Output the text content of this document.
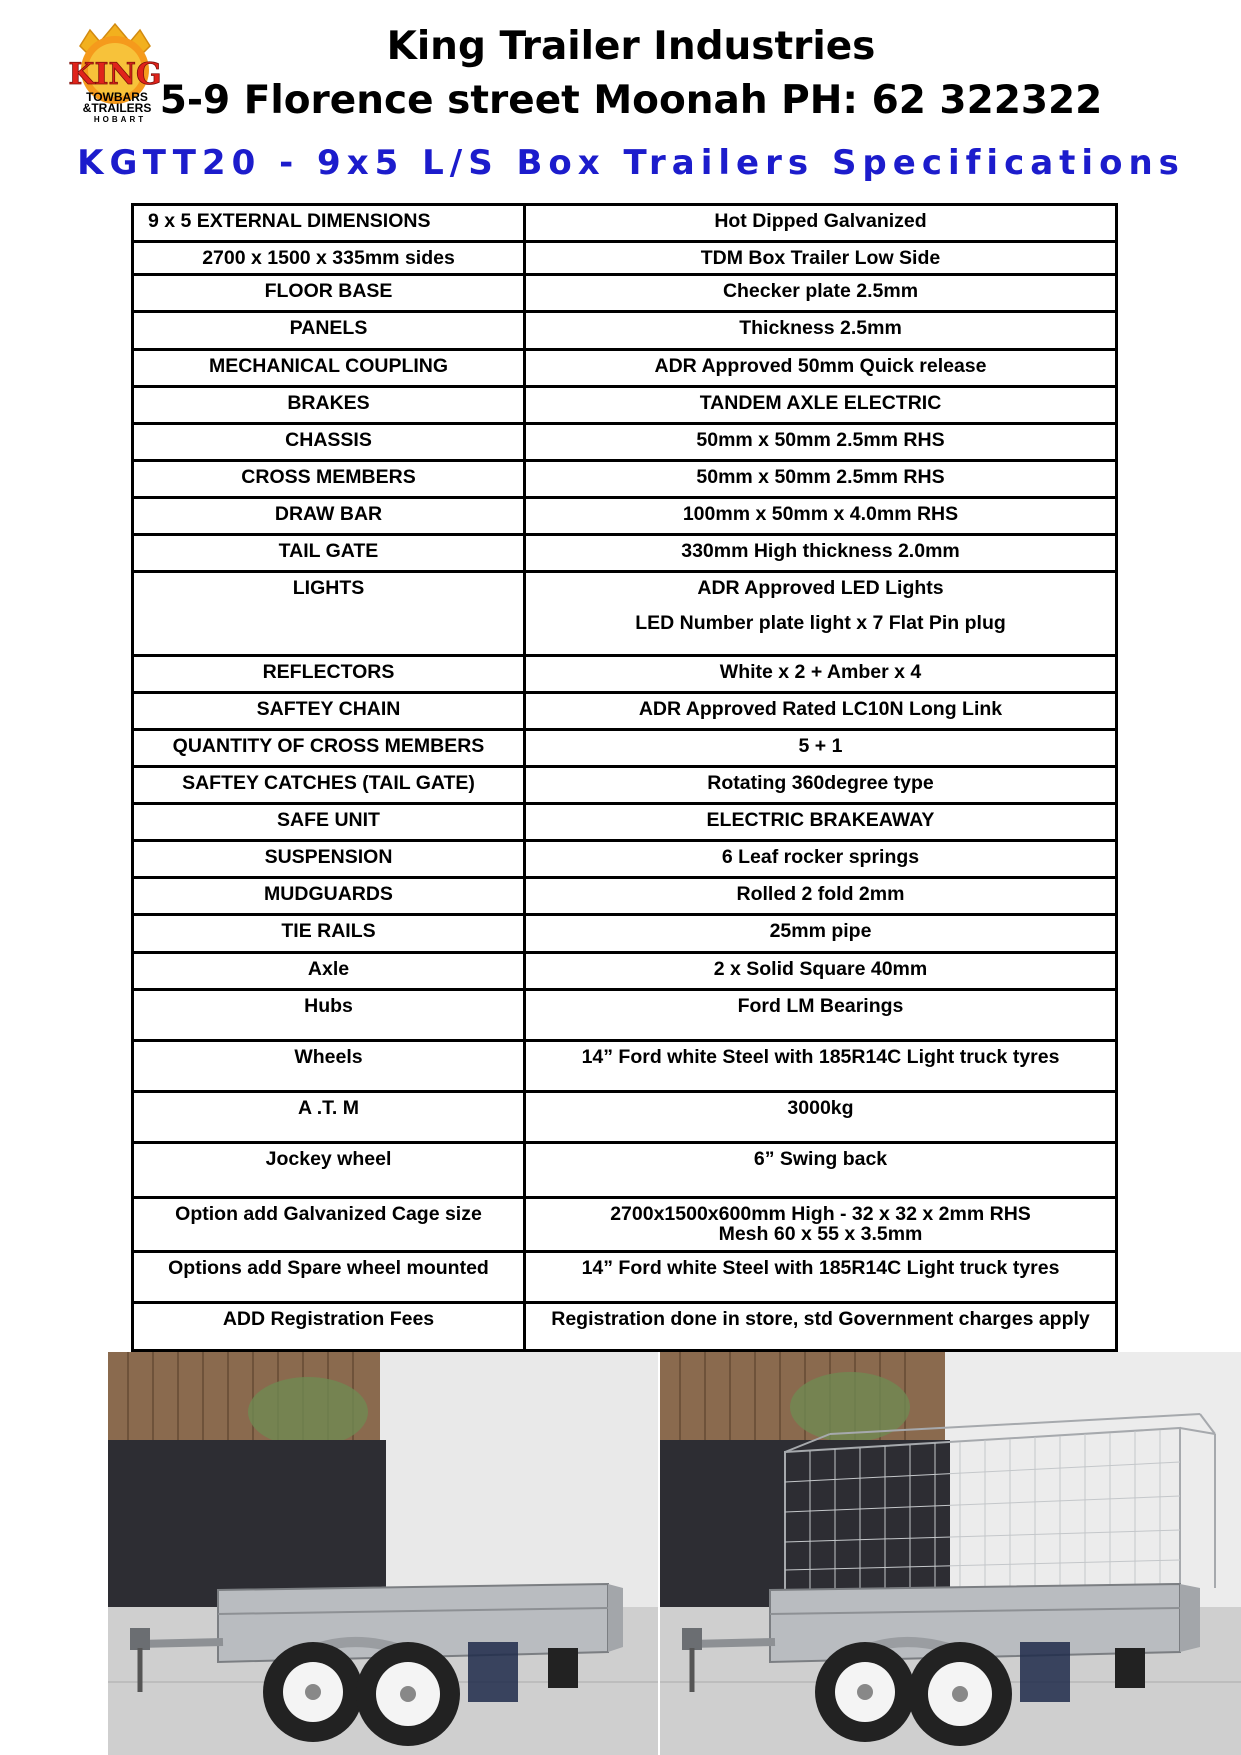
KING
TOWBARS
&TRAILERS
HOBART
King Trailer Industries
5-9 Florence street Moonah PH: 62 322322
KGTT20 - 9x5 L/S Box Trailers Specifications
9 x 5 EXTERNAL DIMENSIONS	Hot Dipped Galvanized
2700 x 1500 x 335mm sides	TDM Box Trailer Low Side
FLOOR BASE	Checker plate 2.5mm
PANELS	Thickness 2.5mm
MECHANICAL COUPLING	ADR Approved 50mm Quick release
BRAKES	TANDEM AXLE ELECTRIC
CHASSIS	50mm x 50mm 2.5mm RHS
CROSS MEMBERS	50mm x 50mm 2.5mm RHS
DRAW BAR	100mm x 50mm x 4.0mm RHS
TAIL GATE	330mm High thickness 2.0mm
LIGHTS	ADR Approved LED Lights
LED Number plate light x 7 Flat Pin plug

REFLECTORS	White x 2 + Amber x 4
SAFTEY CHAIN	ADR Approved Rated LC10N Long Link
QUANTITY OF CROSS MEMBERS	5 + 1
SAFTEY CATCHES (TAIL GATE)	Rotating 360degree type
SAFE UNIT	ELECTRIC BRAKEAWAY
SUSPENSION	6 Leaf rocker springs
MUDGUARDS	Rolled 2 fold 2mm
TIE RAILS	25mm pipe
Axle	2 x Solid Square 40mm
Hubs	Ford LM Bearings
Wheels	14” Ford white Steel with 185R14C Light truck tyres
A .T. M	3000kg
Jockey wheel	6” Swing back
Option add Galvanized Cage size	2700x1500x600mm High - 32 x 32 x 2mm RHS
Mesh 60 x 55 x 3.5mm

Options add Spare wheel mounted	14” Ford white Steel with 185R14C Light truck tyres
ADD Registration Fees	Registration done in store, std Government charges apply
